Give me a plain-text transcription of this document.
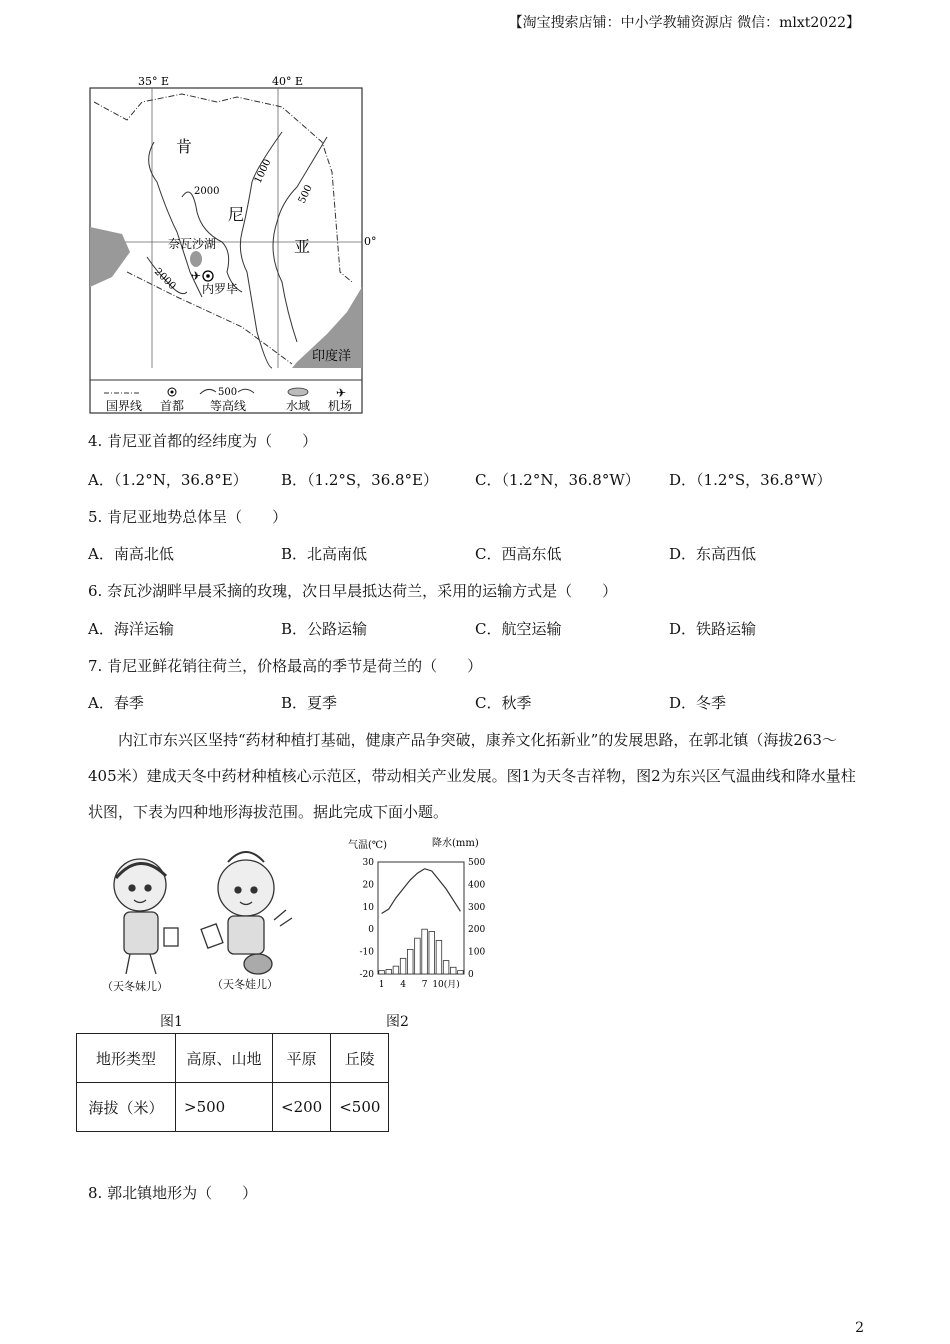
【淘宝搜索店铺：中小学教辅资源店 微信：mlxt2022】
✈
35° E	40° E
0°
肯
尼
亚
奈瓦沙湖
内罗毕
印度洋
2000
1000
500
2000
500	✈
国界线 首都 等高线	水域 机场
4. 肯尼亚首都的经纬度为（　　）
A．（1.2°N，36.8°E） B．（1.2°S，36.8°E） C．（1.2°N，36.8°W） D．（1.2°S，36.8°W）
5. 肯尼亚地势总体呈（　　）
A．南高北低	B．北高南低	C．西高东低	D．东高西低
6. 奈瓦沙湖畔早晨采摘的玫瑰，次日早晨抵达荷兰，采用的运输方式是（　　）
A．海洋运输	B．公路运输	C．航空运输	D．铁路运输
7. 肯尼亚鲜花销往荷兰，价格最高的季节是荷兰的（　　）
A．春季	B．夏季	C．秋季	D．冬季
内江市东兴区坚持“药材种植打基础，健康产品争突破，康养文化拓新业”的发展思路，在郭北镇（海拔263～405米）建成天冬中药材种植核心示范区，带动相关产业发展。图1为天冬吉祥物，图2为东兴区气温曲线和降水量柱状图，下表为四种地形海拔范围。据此完成下面小题。
（天冬妹儿）	（天冬娃儿）
图1
气温(℃)	降水(mm)
30
20
10
0
-10
-20
500
400
300
200
100
0
1 4 7 10(月)
图2
地形类型	高原、山地	平原	丘陵
海拔（米）	>500	<200	<500
8. 郭北镇地形为（　　）
2
